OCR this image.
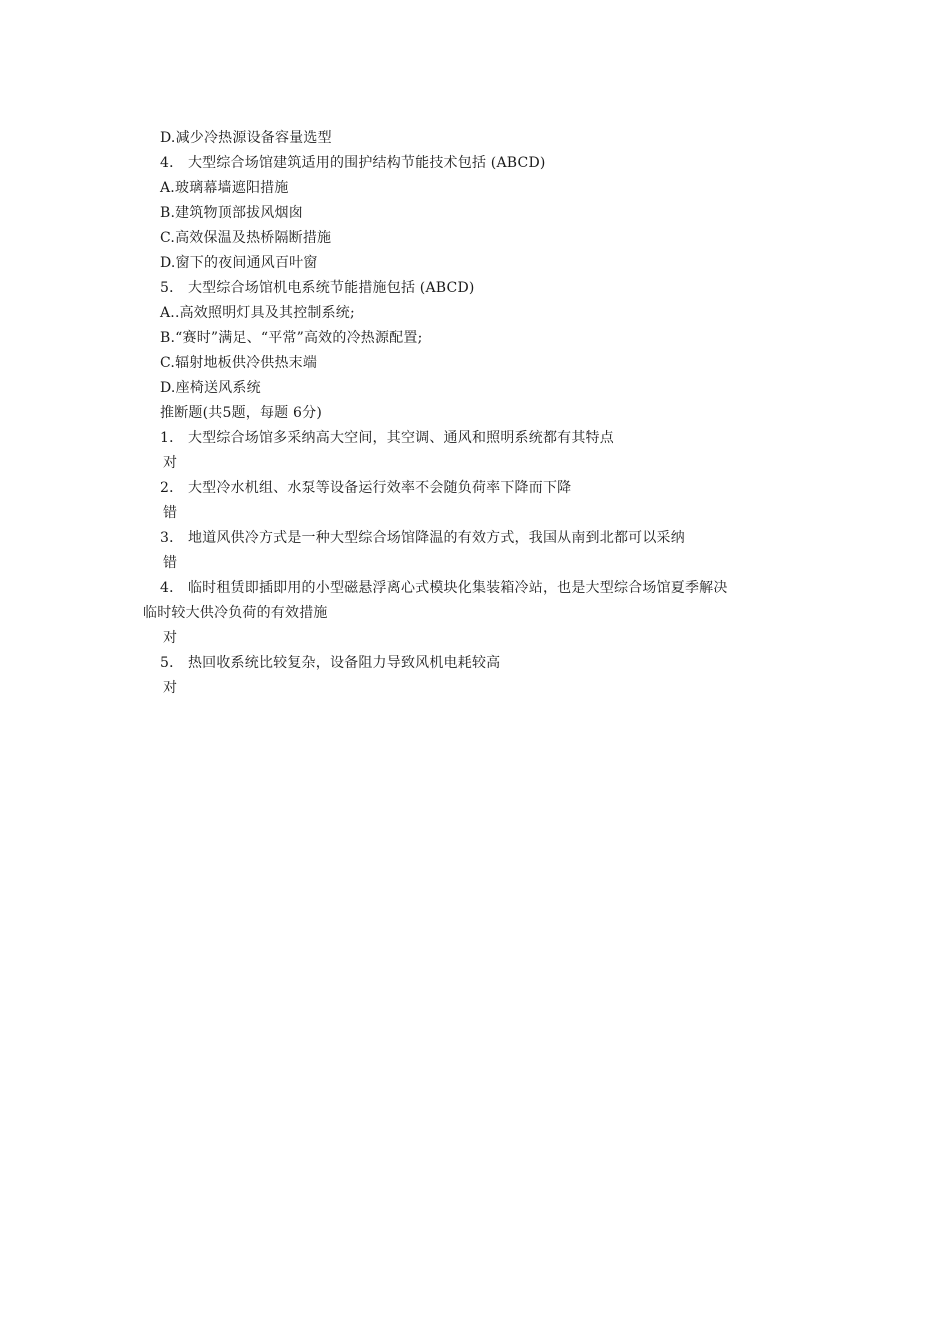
D.减少冷热源设备容量选型
4． 大型综合场馆建筑适用的围护结构节能技术包括 (ABCD)
A.玻璃幕墙遮阳措施
B.建筑物顶部拔风烟囱
C.高效保温及热桥隔断措施
D.窗下的夜间通风百叶窗
5． 大型综合场馆机电系统节能措施包括 (ABCD)
A..高效照明灯具及其控制系统;
B.“赛时”满足、“平常”高效的冷热源配置;
C.辐射地板供冷供热末端
D.座椅送风系统
推断题(共5题，每题 6分)
1． 大型综合场馆多采纳高大空间，其空调、通风和照明系统都有其特点
对
2． 大型冷水机组、水泵等设备运行效率不会随负荷率下降而下降
错
3． 地道风供冷方式是一种大型综合场馆降温的有效方式，我国从南到北都可以采纳
错
4． 临时租赁即插即用的小型磁悬浮离心式模块化集装箱冷站，也是大型综合场馆夏季解决
临时较大供冷负荷的有效措施
对
5． 热回收系统比较复杂，设备阻力导致风机电耗较高
对
